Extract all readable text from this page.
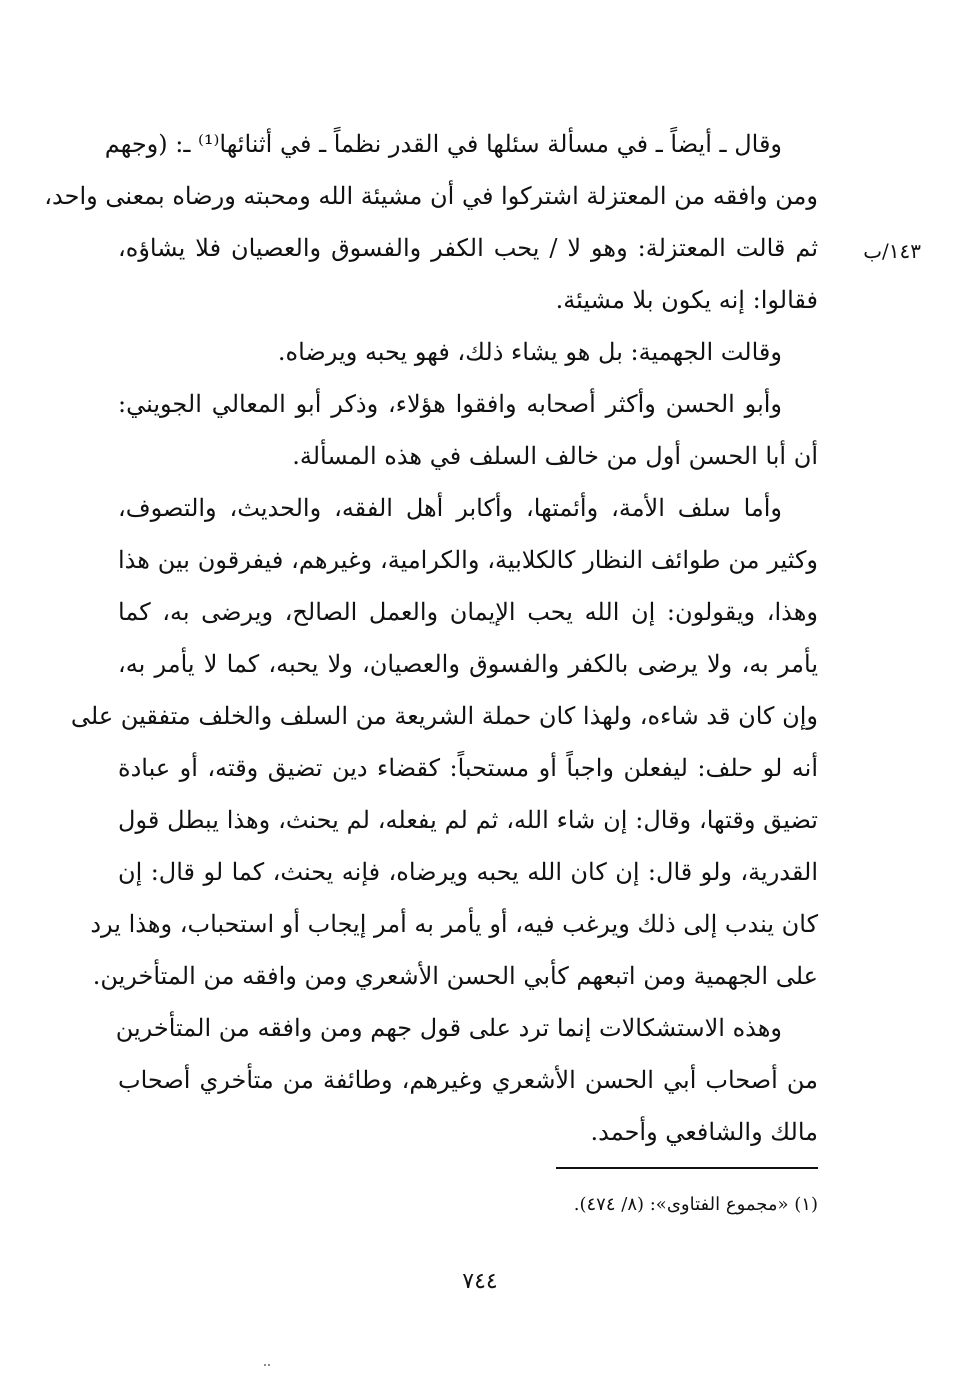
١٤٣/ب
وقال ـ أيضاً ـ في مسألة سئلها في القدر نظماً ـ في أثنائها⁽¹⁾ ـ: (وجهم
ومن وافقه من المعتزلة اشتركوا في أن مشيئة الله ومحبته ورضاه بمعنى واحد،
ثم قالت المعتزلة: وهو لا / يحب الكفر والفسوق والعصيان فلا يشاؤه،
فقالوا: إنه يكون بلا مشيئة.
وقالت الجهمية: بل هو يشاء ذلك، فهو يحبه ويرضاه.
وأبو الحسن وأكثر أصحابه وافقوا هؤلاء، وذكر أبو المعالي الجويني:
أن أبا الحسن أول من خالف السلف في هذه المسألة.
وأما سلف الأمة، وأئمتها، وأكابر أهل الفقه، والحديث، والتصوف،
وكثير من طوائف النظار كالكلابية، والكرامية، وغيرهم، فيفرقون بين هذا
وهذا، ويقولون: إن الله يحب الإيمان والعمل الصالح، ويرضى به، كما
يأمر به، ولا يرضى بالكفر والفسوق والعصيان، ولا يحبه، كما لا يأمر به،
وإن كان قد شاءه، ولهذا كان حملة الشريعة من السلف والخلف متفقين على
أنه لو حلف: ليفعلن واجباً أو مستحباً: كقضاء دين تضيق وقته، أو عبادة
تضيق وقتها، وقال: إن شاء الله، ثم لم يفعله، لم يحنث، وهذا يبطل قول
القدرية، ولو قال: إن كان الله يحبه ويرضاه، فإنه يحنث، كما لو قال: إن
كان يندب إلى ذلك ويرغب فيه، أو يأمر به أمر إيجاب أو استحباب، وهذا يرد
على الجهمية ومن اتبعهم كأبي الحسن الأشعري ومن وافقه من المتأخرين.
وهذه الاستشكالات إنما ترد على قول جهم ومن وافقه من المتأخرين
من أصحاب أبي الحسن الأشعري وغيرهم، وطائفة من متأخري أصحاب
مالك والشافعي وأحمد.
(١) «مجموع الفتاوى»: (٨/ ٤٧٤).
٧٤٤
